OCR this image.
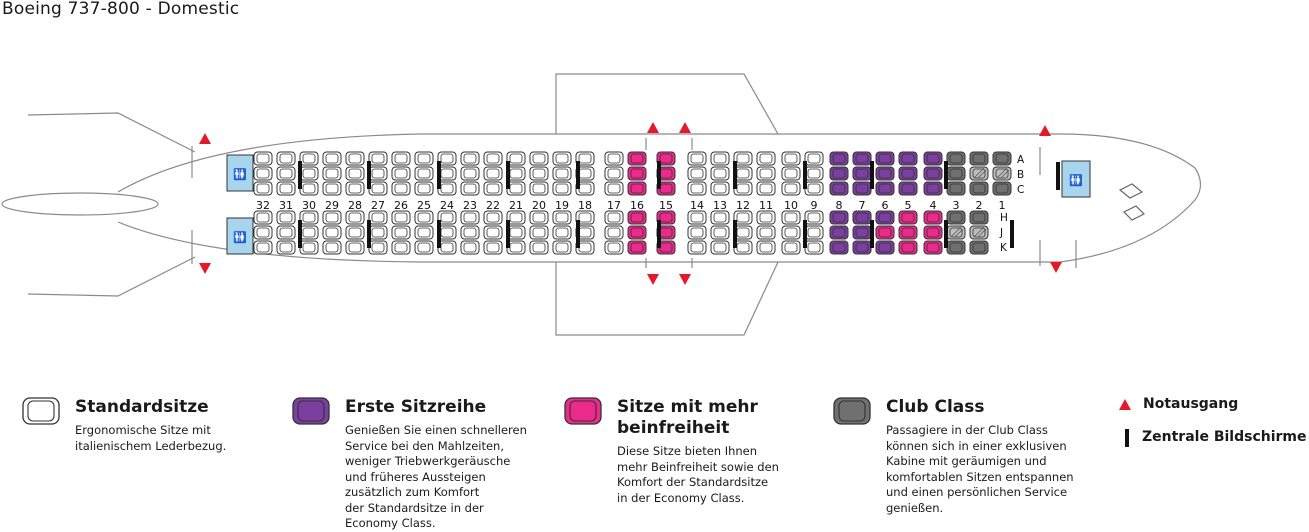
Boeing 737-800 - Domestic
🚻
🚻
🚻
32 31 30 29 28 27 26 25 24 23 22 21 20 19 18 17 16 15 14 13 12 11 10 9 8 7 6 5 4 3 2 1
A
B
C
H
J
K
Standardsitze
Ergonomische Sitze mit
italienischem Lederbezug.
Erste Sitzreihe
Genießen Sie einen schnelleren
Service bei den Mahlzeiten,
weniger Triebwerkgeräusche
und früheres Aussteigen
zusätzlich zum Komfort
der Standardsitze in der
Economy Class.
Sitze mit mehr
beinfreiheit
Diese Sitze bieten Ihnen
mehr Beinfreiheit sowie den
Komfort der Standardsitze
in der Economy Class.
Club Class
Passagiere in der Club Class
können sich in einer exklusiven
Kabine mit geräumigen und
komfortablen Sitzen entspannen
und einen persönlichen Service
genießen.
Notausgang
Zentrale Bildschirme
